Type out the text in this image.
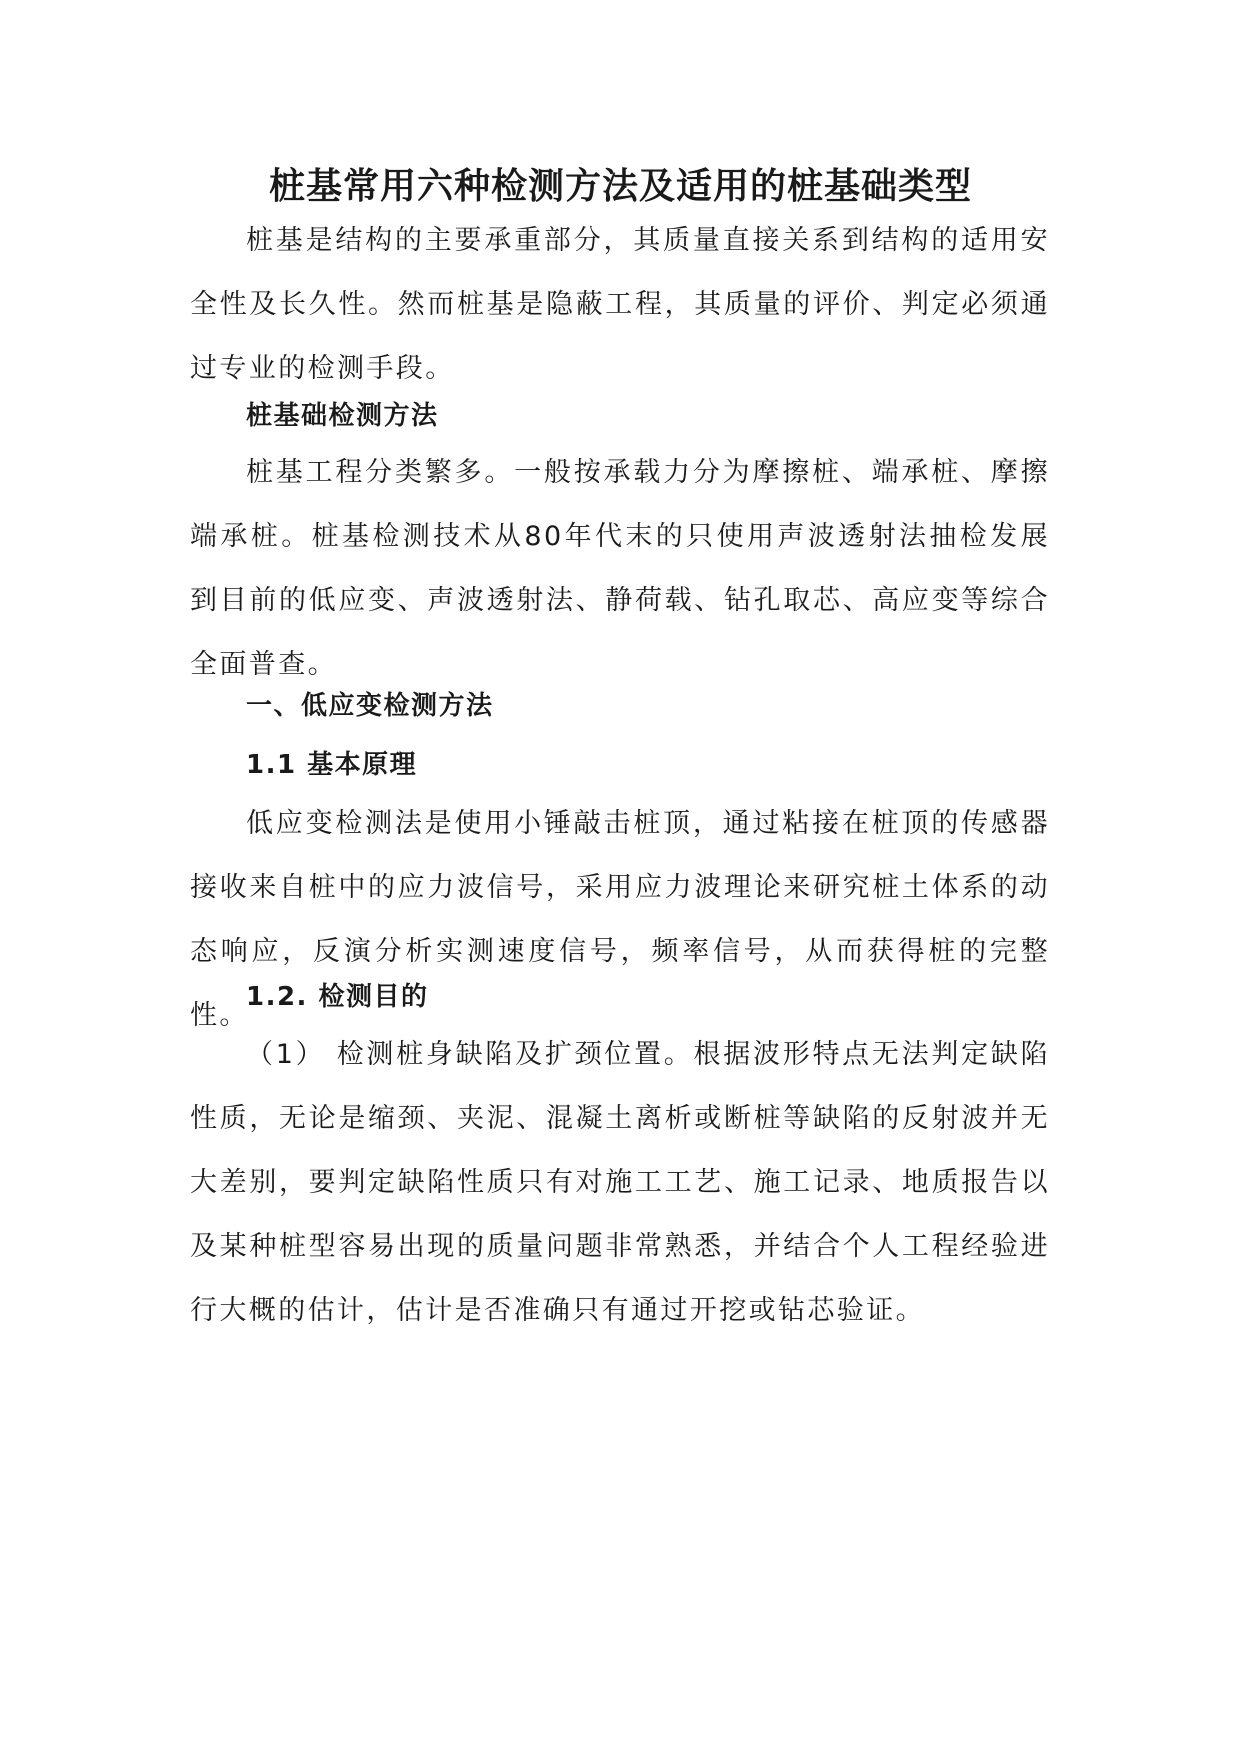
桩基常用六种检测方法及适用的桩基础类型

桩基是结构的主要承重部分，其质量直接关系到结构的适用安全性及长久性。然而桩基是隐蔽工程，其质量的评价、判定必须通过专业的检测手段。

桩基础检测方法

桩基工程分类繁多。一般按承载力分为摩擦桩、端承桩、摩擦端承桩。桩基检测技术从80年代末的只使用声波透射法抽检发展到目前的低应变、声波透射法、静荷载、钻孔取芯、高应变等综合全面普查。

一、低应变检测方法
1.1 基本原理

低应变检测法是使用小锤敲击桩顶，通过粘接在桩顶的传感器接收来自桩中的应力波信号，采用应力波理论来研究桩土体系的动态响应，反演分析实测速度信号，频率信号，从而获得桩的完整性。

1.2. 检测目的

（1） 检测桩身缺陷及扩颈位置。根据波形特点无法判定缺陷性质，无论是缩颈、夹泥、混凝土离析或断桩等缺陷的反射波并无大差别，要判定缺陷性质只有对施工工艺、施工记录、地质报告以及某种桩型容易出现的质量问题非常熟悉，并结合个人工程经验进行大概的估计，估计是否准确只有通过开挖或钻芯验证。
